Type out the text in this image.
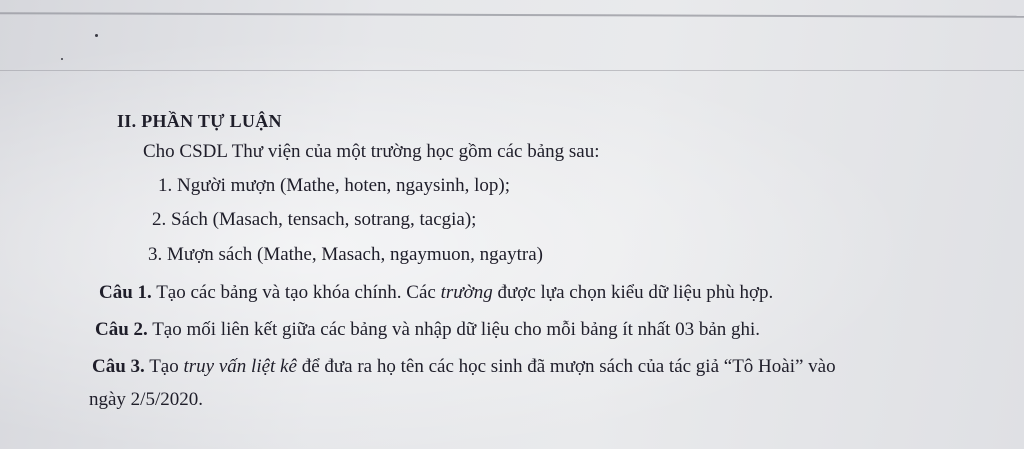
II. PHẦN TỰ LUẬN
Cho CSDL Thư viện của một trường học gồm các bảng sau:
1. Người mượn (Mathe, hoten, ngaysinh, lop);
2. Sách (Masach, tensach, sotrang, tacgia);
3. Mượn sách (Mathe, Masach, ngaymuon, ngaytra)
Câu 1. Tạo các bảng và tạo khóa chính. Các trường được lựa chọn kiểu dữ liệu phù hợp.
Câu 2. Tạo mối liên kết giữa các bảng và nhập dữ liệu cho mỗi bảng ít nhất 03 bản ghi.
Câu 3. Tạo truy vấn liệt kê để đưa ra họ tên các học sinh đã mượn sách của tác giả “Tô Hoài” vào
ngày 2/5/2020.
